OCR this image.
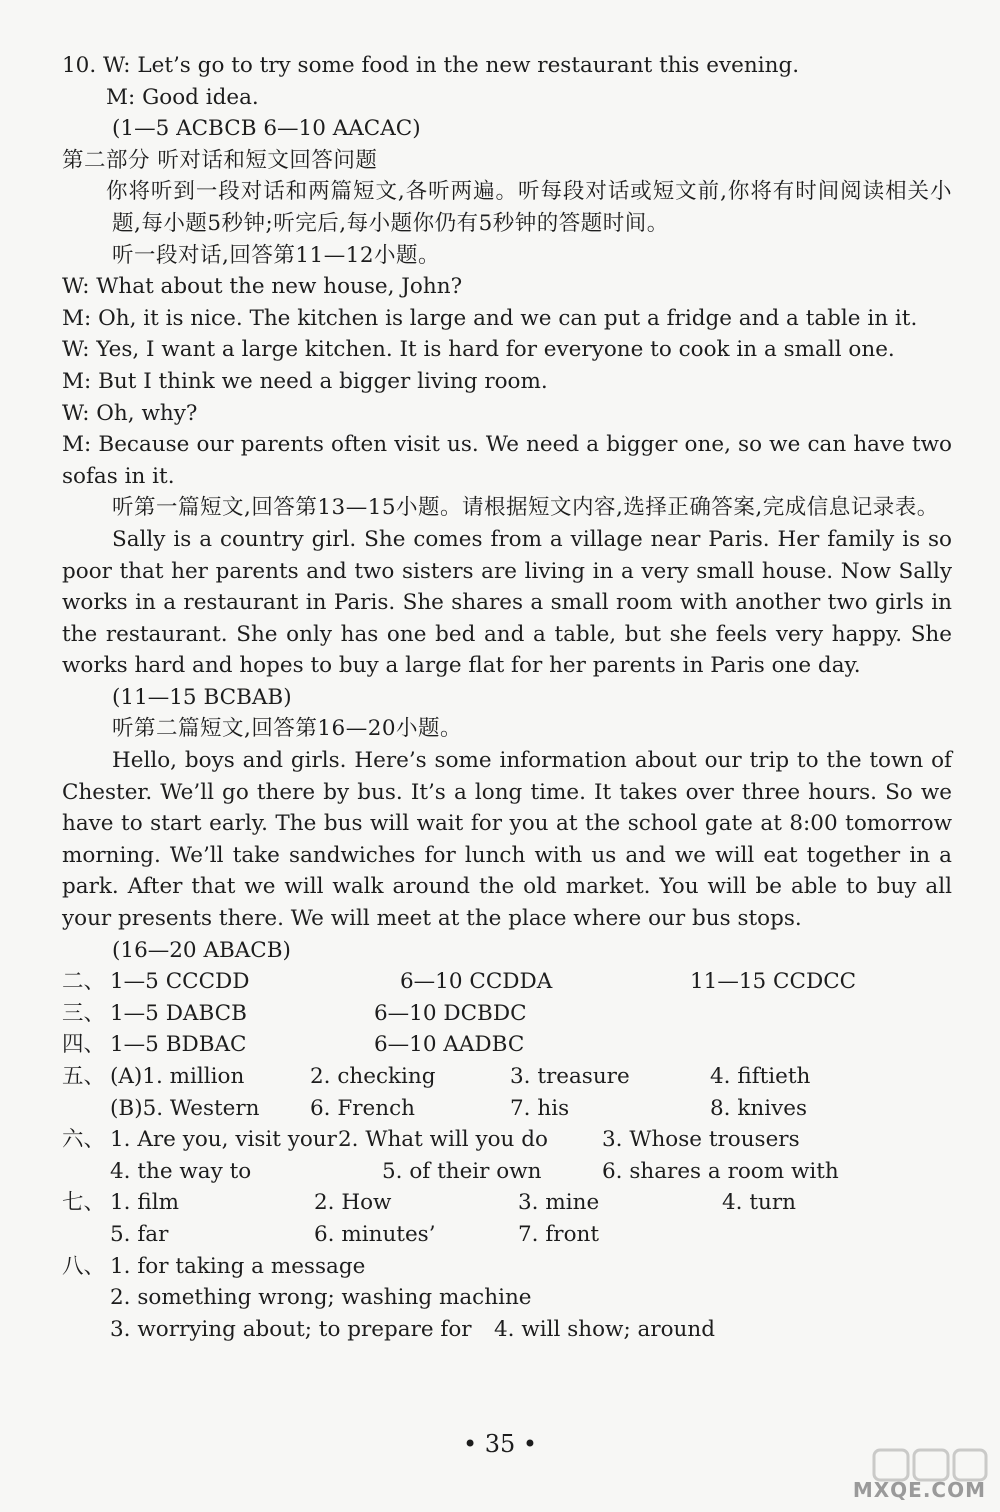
10. W: Let’s go to try some food in the new restaurant this evening.
M: Good idea.
(1—5 ACBCB 6—10 AACAC)
第二部分 听对话和短文回答问题
你将听到一段对话和两篇短文,各听两遍。听每段对话或短文前,你将有时间阅读相关小题,每小题5秒钟;听完后,每小题你仍有5秒钟的答题时间。
听一段对话,回答第11—12小题。
W: What about the new house, John?
M: Oh, it is nice. The kitchen is large and we can put a fridge and a table in it.
W: Yes, I want a large kitchen. It is hard for everyone to cook in a small one.
M: But I think we need a bigger living room.
W: Oh, why?
M: Because our parents often visit us. We need a bigger one, so we can have two sofas in it.
听第一篇短文,回答第13—15小题。请根据短文内容,选择正确答案,完成信息记录表。
Sally is a country girl. She comes from a village near Paris. Her family is so poor that her parents and two sisters are living in a very small house. Now Sally works in a restaurant in Paris. She shares a small room with another two girls in the restaurant. She only has one bed and a table, but she feels very happy. She works hard and hopes to buy a large flat for her parents in Paris one day.
(11—15 BCBAB)
听第二篇短文,回答第16—20小题。
Hello, boys and girls. Here’s some information about our trip to the town of Chester. We’ll go there by bus. It’s a long time. It takes over three hours. So we have to start early. The bus will wait for you at the school gate at 8:00 tomorrow morning. We’ll take sandwiches for lunch with us and we will eat together in a park. After that we will walk around the old market. You will be able to buy all your presents there. We will meet at the place where our bus stops.
(16—20 ABACB)
二、 1—5 CCCDD	6—10 CCDDA	11—15 CCDCC
三、 1—5 DABCB	6—10 DCBDC
四、 1—5 BDBAC	6—10 AADBC
五、 (A)1. million	2. checking	3. treasure	4. fiftieth
(B)5. Western	6. French	7. his	8. knives
六、 1. Are you, visit your 2. What will you do	3. Whose trousers
4. the way to	5. of their own	6. shares a room with
七、 1. film	2. How	3. mine	4. turn
5. far	6. minutes’	7. front
八、 1. for taking a message
2. something wrong; washing machine
3. worrying about; to prepare for	4. will show; around
• 35 •
MXQE.COM
